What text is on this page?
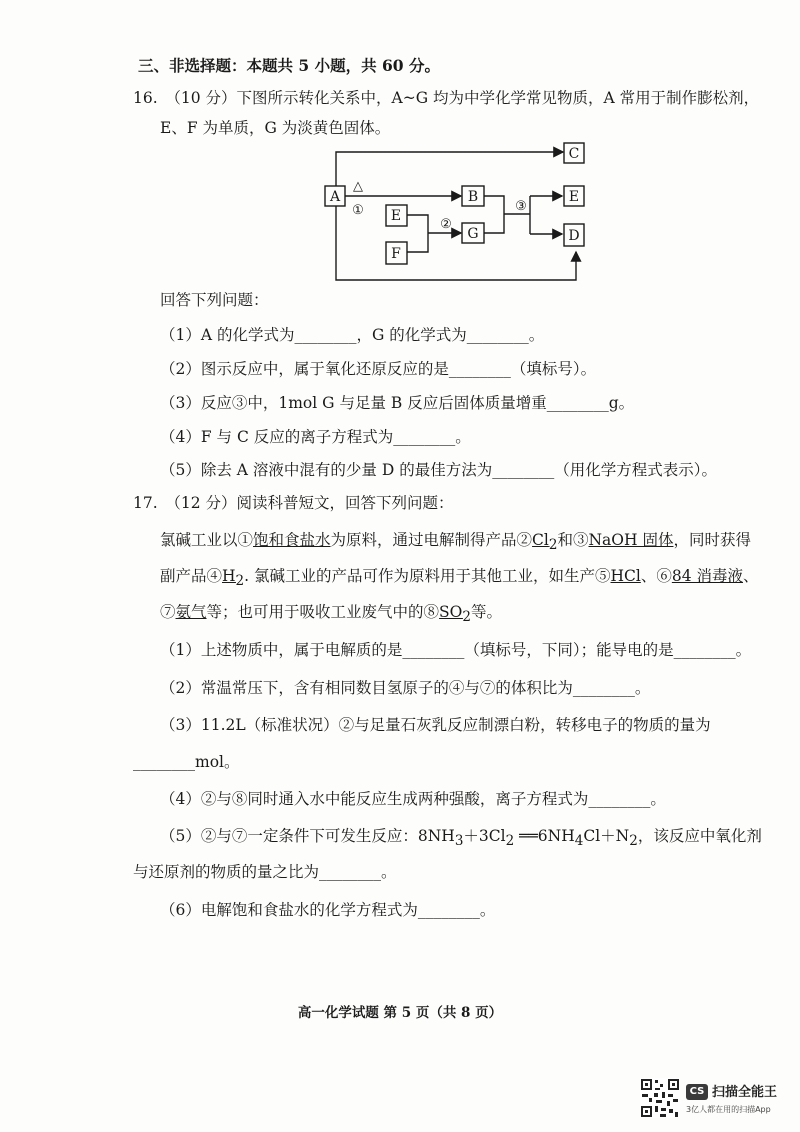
三、非选择题：本题共 5 小题，共 60 分。
16.　（10 分）下图所示转化关系中，A~G 均为中学化学常见物质，A 常用于制作膨松剂，
E、F 为单质，G 为淡黄色固体。
A	B
C
E
D
E
F
G
△
①
②
③
回答下列问题：
（1）A 的化学式为________，G 的化学式为________。
（2）图示反应中，属于氧化还原反应的是________（填标号）。
（3）反应③中，1mol G 与足量 B 反应后固体质量增重________g。
（4）F 与 C 反应的离子方程式为________。
（5）除去 A 溶液中混有的少量 D 的最佳方法为________（用化学方程式表示）。
17.　（12 分）阅读科普短文，回答下列问题：
氯碱工业以①饱和食盐水为原料，通过电解制得产品$②Cl_2$和③NaOH 固体，同时获得
副产品$④H_2$. 氯碱工业的产品可作为原料用于其他工业，如生产⑤HCl、⑥84 消毒液、
⑦氨气等；也可用于吸收工业废气中的$⑧SO_2$等。
（1）上述物质中，属于电解质的是________（填标号，下同）；能导电的是________。
（2）常温常压下，含有相同数目氢原子的④与⑦的体积比为________。
（3）11.2L（标准状况）②与足量石灰乳反应制漂白粉，转移电子的物质的量为
________mol。
（4）②与⑧同时通入水中能反应生成两种强酸，离子方程式为________。
（5）②与⑦一定条件下可发生反应：$8NH_3+3Cl_2$ $══6NH_4Cl+N_2$，该反应中氧化剂
与还原剂的物质的量之比为________。
（6）电解饱和食盐水的化学方程式为________。
高一化学试题 第 5 页（共 8 页）
CS 扫描全能王
3亿人都在用的扫描App
